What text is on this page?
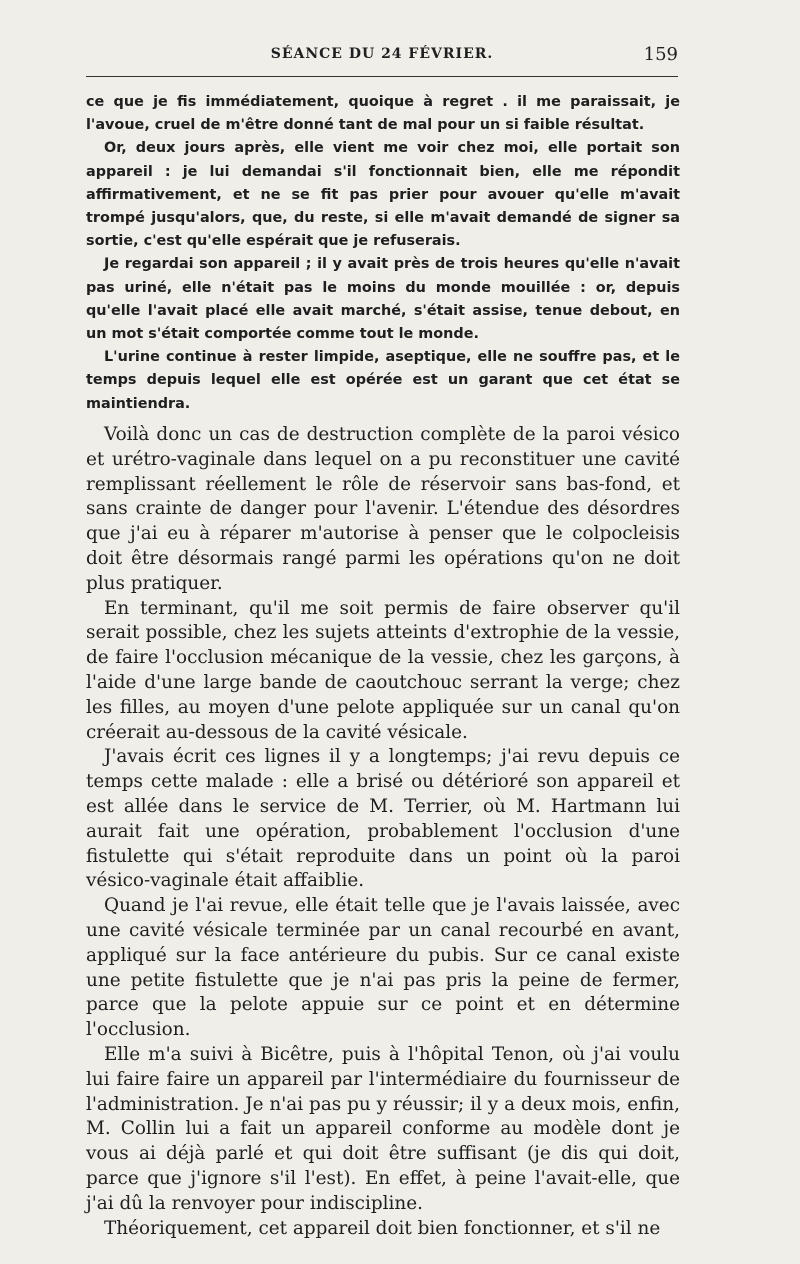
SÉANCE DU 24 FÉVRIER.	159

ce que je fis immédiatement, quoique à regret . il me paraissait, je l'avoue, cruel de m'être donné tant de mal pour un si faible résultat.

Or, deux jours après, elle vient me voir chez moi, elle portait son appareil : je lui demandai s'il fonctionnait bien, elle me répondit affirmativement, et ne se fit pas prier pour avouer qu'elle m'avait trompé jusqu'alors, que, du reste, si elle m'avait demandé de signer sa sortie, c'est qu'elle espérait que je refuserais.

Je regardai son appareil ; il y avait près de trois heures qu'elle n'avait pas uriné, elle n'était pas le moins du monde mouillée : or, depuis qu'elle l'avait placé elle avait marché, s'était assise, tenue debout, en un mot s'était comportée comme tout le monde.

L'urine continue à rester limpide, aseptique, elle ne souffre pas, et le temps depuis lequel elle est opérée est un garant que cet état se maintiendra.

Voilà donc un cas de destruction complète de la paroi vésico et urétro-vaginale dans lequel on a pu reconstituer une cavité remplissant réellement le rôle de réservoir sans bas-fond, et sans crainte de danger pour l'avenir. L'étendue des désordres que j'ai eu à réparer m'autorise à penser que le colpocleisis doit être désormais rangé parmi les opérations qu'on ne doit plus pratiquer.

En terminant, qu'il me soit permis de faire observer qu'il serait possible, chez les sujets atteints d'extrophie de la vessie, de faire l'occlusion mécanique de la vessie, chez les garçons, à l'aide d'une large bande de caoutchouc serrant la verge; chez les filles, au moyen d'une pelote appliquée sur un canal qu'on créerait au-dessous de la cavité vésicale.

J'avais écrit ces lignes il y a longtemps; j'ai revu depuis ce temps cette malade : elle a brisé ou détérioré son appareil et est allée dans le service de M. Terrier, où M. Hartmann lui aurait fait une opération, probablement l'occlusion d'une fistulette qui s'était reproduite dans un point où la paroi vésico-vaginale était affaiblie.

Quand je l'ai revue, elle était telle que je l'avais laissée, avec une cavité vésicale terminée par un canal recourbé en avant, appliqué sur la face antérieure du pubis. Sur ce canal existe une petite fistulette que je n'ai pas pris la peine de fermer, parce que la pelote appuie sur ce point et en détermine l'occlusion.

Elle m'a suivi à Bicêtre, puis à l'hôpital Tenon, où j'ai voulu lui faire faire un appareil par l'intermédiaire du fournisseur de l'administration. Je n'ai pas pu y réussir; il y a deux mois, enfin, M. Collin lui a fait un appareil conforme au modèle dont je vous ai déjà parlé et qui doit être suffisant (je dis qui doit, parce que j'ignore s'il l'est). En effet, à peine l'avait-elle, que j'ai dû la renvoyer pour indiscipline.

Théoriquement, cet appareil doit bien fonctionner, et s'il ne
